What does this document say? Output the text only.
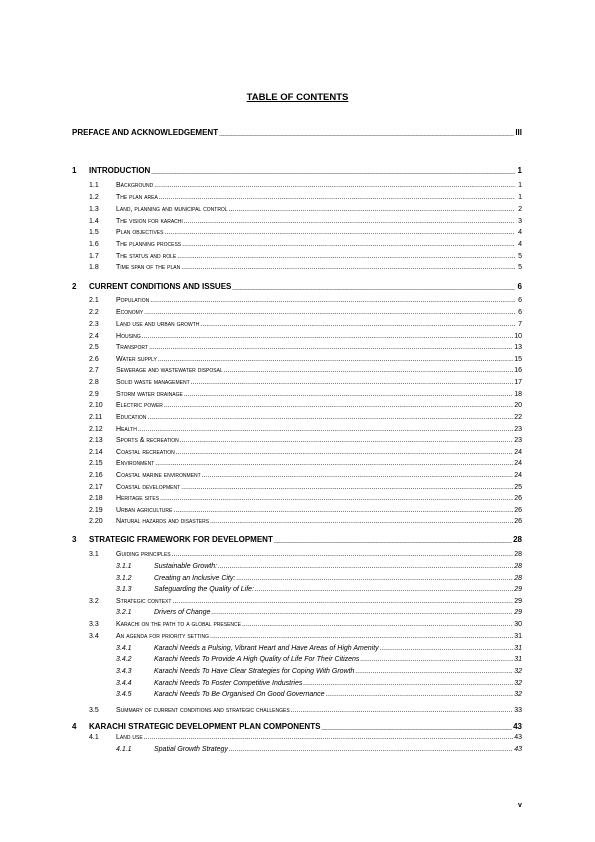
TABLE OF CONTENTS
PREFACE AND ACKNOWLEDGEMENT _____	III
1 INTRODUCTION _____	1
1.1 background .....	1
1.2 the plan area .....	1
1.3 land, planning and municipal control .....	2
1.4 the vision for karachi .....	3
1.5 plan objectives .....	4
1.6 the planning process .....	4
1.7 the status and role .....	5
1.8 time span of the plan .....	5
2 CURRENT CONDITIONS AND ISSUES _____	6
2.1 population .....	6
2.2 economy .....	6
2.3 land use and urban growth .....	7
2.4 housing .....	10
2.5 transport .....	13
2.6 water supply .....	15
2.7 sewerage and wastewater disposal .....	16
2.8 solid waste management .....	17
2.9 storm water drainage .....	18
2.10 electric power .....	20
2.11 education .....	22
2.12 health .....	23
2.13 sports & recreation .....	23
2.14 coastal recreation .....	24
2.15 environment .....	24
2.16 coastal marine environment .....	24
2.17 coastal development .....	25
2.18 heritage sites .....	26
2.19 urban agriculture .....	26
2.20 natural hazards and disasters .....	26
3 STRATEGIC FRAMEWORK FOR DEVELOPMENT _____	28
3.1 guiding principles .....	28
3.1.1	Sustainable Growth: .....	28
3.1.2	Creating an Inclusive City: .....	28
3.1.3	Safeguarding the Quality of Life: .....	29
3.2 strategic context .....	29
3.2.1	Drivers of Change .....	29
3.3 karachi on the path to a global presence .....	30
3.4 an agenda for priority setting .....	31
3.4.1	Karachi Needs a Pulsing, Vibrant Heart and Have Areas of High Amenity .....	31
3.4.2	Karachi Needs To Provide A High Quality of Life For Their Citizens .....	31
3.4.3	Karachi Needs To Have Clear Strategies for Coping With Growth .....	32
3.4.4	Karachi Needs To Foster Competitive Industries .....	32
3.4.5	Karachi Needs To Be Organised On Good Governance .....	32
3.5 summary of current conditions and strategic challenges .....	33
4 KARACHI STRATEGIC DEVELOPMENT PLAN COMPONENTS _____	43
4.1 land use .....	43
4.1.1	Spatial Growth Strategy .....	43
v
